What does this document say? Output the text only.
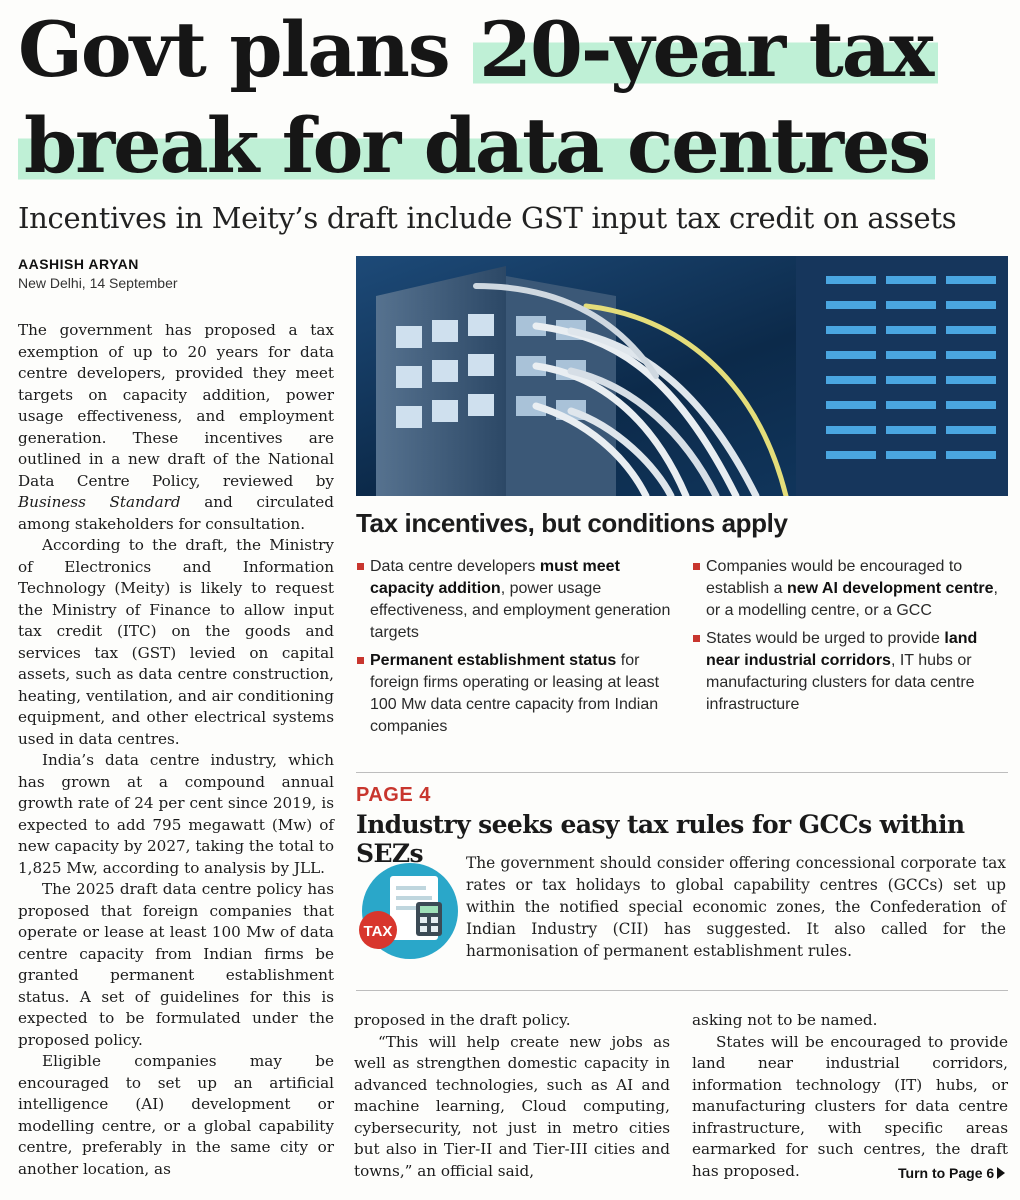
Govt plans 20-year tax
break for data centres
Incentives in Meity’s draft include GST input tax credit on assets
AASHISH ARYAN
New Delhi, 14 September

The government has proposed a tax exemption of up to 20 years for data centre developers, provided they meet targets on capacity addition, power usage effectiveness, and employment generation. These incentives are outlined in a new draft of the National Data Centre Policy, reviewed by Business Standard and circulated among stakeholders for consultation.

According to the draft, the Ministry of Electronics and Information Technology (Meity) is likely to request the Ministry of Finance to allow input tax credit (ITC) on the goods and services tax (GST) levied on capital assets, such as data centre construction, heating, ventilation, and air conditioning equipment, and other electrical systems used in data centres.

India’s data centre industry, which has grown at a compound annual growth rate of 24 per cent since 2019, is expected to add 795 megawatt (Mw) of new capacity by 2027, taking the total to 1,825 Mw, according to analysis by JLL.

The 2025 draft data centre policy has proposed that foreign companies that operate or lease at least 100 Mw of data centre capacity from Indian firms be granted permanent establishment status. A set of guidelines for this is expected to be formulated under the proposed policy.

Eligible companies may be encouraged to set up an artificial intelligence (AI) development or modelling centre, or a global capability centre, preferably in the same city or another location, as

Tax incentives, but conditions apply
Data centre developers must meet capacity addition, power usage effectiveness, and employment generation targets
Permanent establishment status for foreign firms operating or leasing at least 100 Mw data centre capacity from Indian companies
Companies would be encouraged to establish a new AI development centre, or a modelling centre, or a GCC
States would be urged to provide land near industrial corridors, IT hubs or manufacturing clusters for data centre infrastructure
PAGE 4
Industry seeks easy tax rules for GCCs within SEZs
TAX
The government should consider offering concessional corporate tax rates or tax holidays to global capability centres (GCCs) set up within the notified special economic zones, the Confederation of Indian Industry (CII) has suggested. It also called for the harmonisation of permanent establishment rules.

proposed in the draft policy.

“This will help create new jobs as well as strengthen domestic capacity in advanced technologies, such as AI and machine learning, Cloud computing, cybersecurity, not just in metro cities but also in Tier-II and Tier-III cities and towns,” an official said,

asking not to be named.

States will be encouraged to provide land near industrial corridors, information technology (IT) hubs, or manufacturing clusters for data centre infrastructure, with specific areas earmarked for such centres, the draft has proposed.	Turn to Page 6
